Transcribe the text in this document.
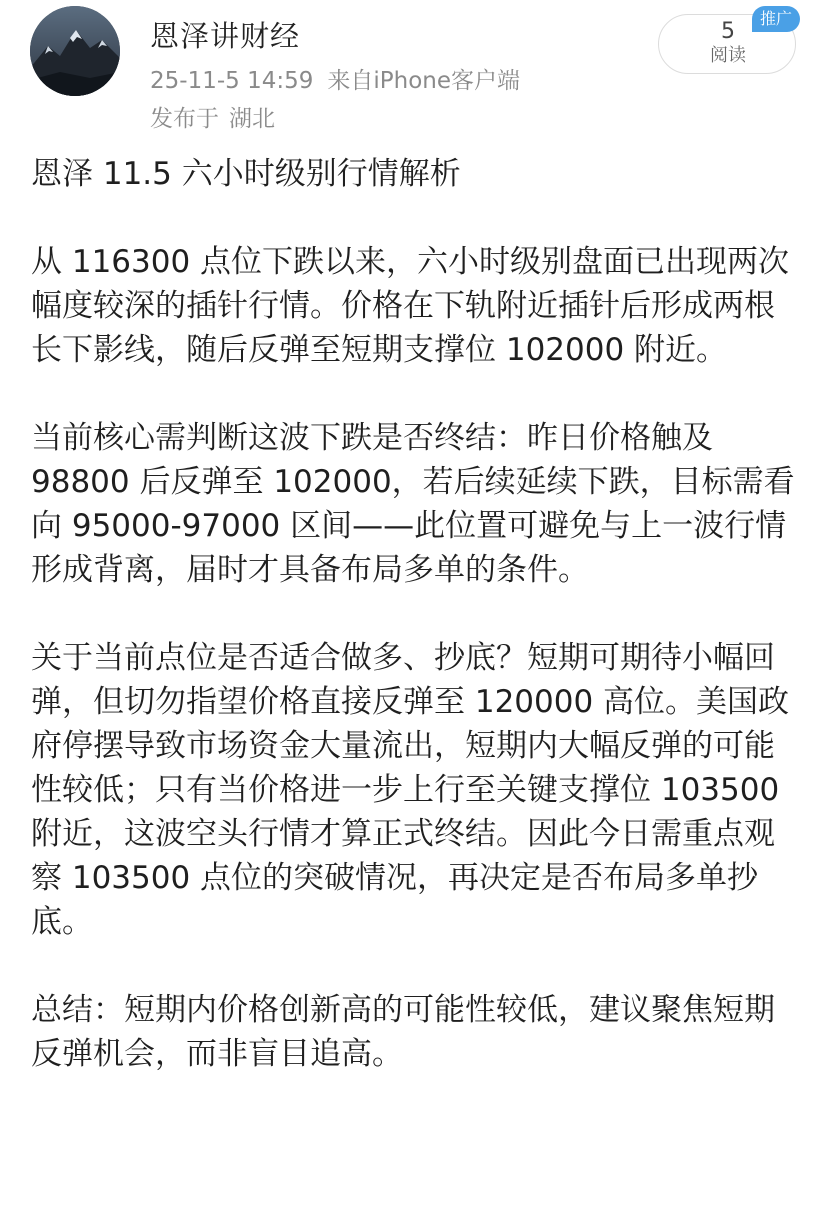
恩泽讲财经
25-11-5 14:59 来自iPhone客户端
发布于 湖北
5
阅读
推广
恩泽 11.5 六小时级别行情解析
从 116300 点位下跌以来，六小时级别盘面已出现两次幅度较深的插针行情。价格在下轨附近插针后形成两根长下影线，随后反弹至短期支撑位 102000 附近。
当前核心需判断这波下跌是否终结：昨日价格触及 98800 后反弹至 102000，若后续延续下跌，目标需看向 95000-97000 区间——此位置可避免与上一波行情形成背离，届时才具备布局多单的条件。
关于当前点位是否适合做多、抄底？短期可期待小幅回弹，但切勿指望价格直接反弹至 120000 高位。美国政府停摆导致市场资金大量流出，短期内大幅反弹的可能性较低；只有当价格进一步上行至关键支撑位 103500 附近，这波空头行情才算正式终结。因此今日需重点观察 103500 点位的突破情况，再决定是否布局多单抄底。
总结：短期内价格创新高的可能性较低，建议聚焦短期反弹机会，而非盲目追高。
